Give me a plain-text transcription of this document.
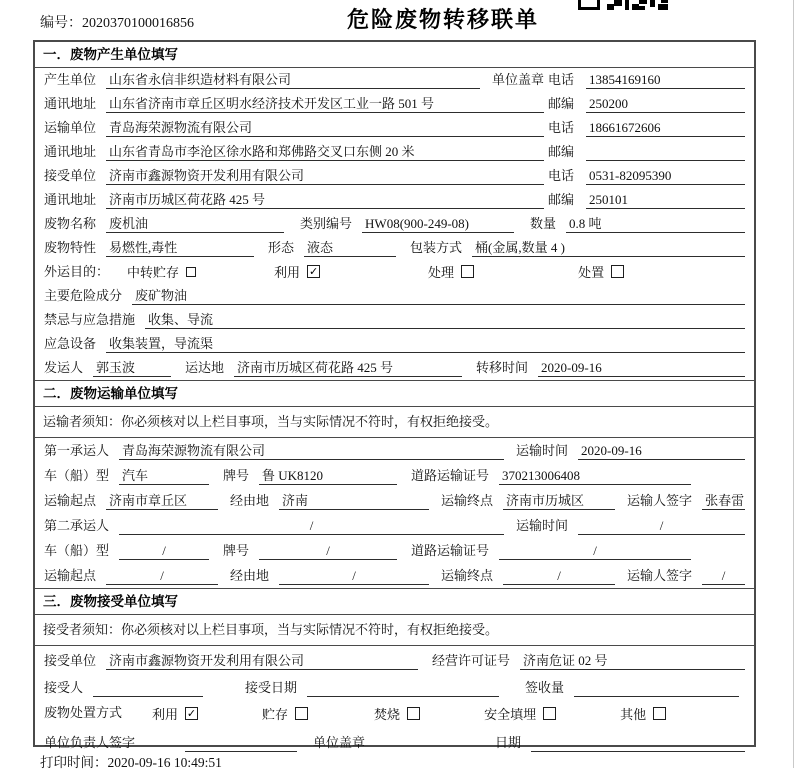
编号：2020370100016856	危险废物转移联单
一．废物产生单位填写
产生单位 山东省永信非织造材料有限公司	单位盖章 电话 13854169160
通讯地址 山东省济南市章丘区明水经济技术开发区工业一路 501 号	邮编 250200
运输单位 青岛海荣源物流有限公司	电话 18661672606
通讯地址 山东省青岛市李沧区徐水路和郑佛路交叉口东侧 20 米	邮编
接受单位 济南市鑫源物资开发利用有限公司	电话 0531-82095390
通讯地址 济南市历城区荷花路 425 号	邮编 250101
废物名称 废机油	类别编号 HW08(900-249-08)	数量 0.8 吨
废物特性 易燃性,毒性	形态 液态	包装方式 桶(金属,数量 4 )
外运目的： 中转贮存	利用 ✓	处理	处置
主要危险成分 废矿物油
禁忌与应急措施 收集、导流
应急设备 收集装置，导流渠
发运人 郭玉波	运达地 济南市历城区荷花路 425 号	转移时间 2020-09-16
二．废物运输单位填写
运输者须知：你必须核对以上栏目事项，当与实际情况不符时，有权拒绝接受。
第一承运人 青岛海荣源物流有限公司	运输时间 2020-09-16
车（船）型 汽车	牌号 鲁 UK8120	道路运输证号 370213006408
运输起点 济南市章丘区	经由地 济南	运输终点 济南市历城区	运输人签字 张春雷
第二承运人	/	运输时间	/
车（船）型	/	牌号	/	道路运输证号	/
运输起点	/	经由地	/	运输终点	/	运输人签字	/
三．废物接受单位填写
接受者须知：你必须核对以上栏目事项，当与实际情况不符时，有权拒绝接受。
接受单位 济南市鑫源物资开发利用有限公司	经营许可证号 济南危证 02 号
接受人	接受日期	签收量
废物处置方式 利用 ✓	贮存	焚烧	安全填埋	其他
单位负责人签字	单位盖章	日期
打印时间：2020-09-16 10:49:51
